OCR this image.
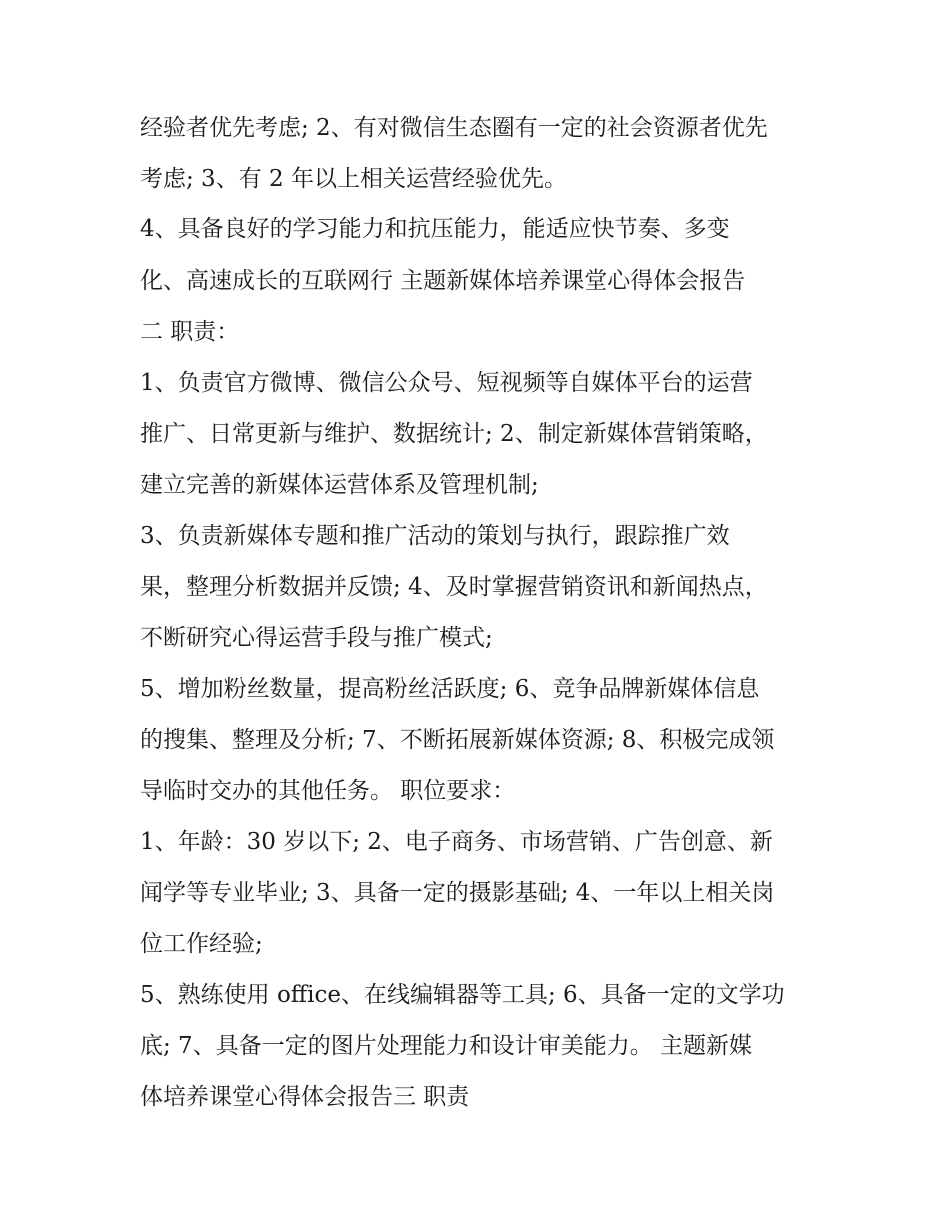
经验者优先考虑; 2、有对微信生态圈有一定的社会资源者优先
考虑; 3、有 2 年以上相关运营经验优先。
4、具备良好的学习能力和抗压能力，能适应快节奏、多变
化、高速成长的互联网行 主题新媒体培养课堂心得体会报告
二 职责：
1、负责官方微博、微信公众号、短视频等自媒体平台的运营
推广、日常更新与维护、数据统计; 2、制定新媒体营销策略，
建立完善的新媒体运营体系及管理机制;
3、负责新媒体专题和推广活动的策划与执行，跟踪推广效
果，整理分析数据并反馈; 4、及时掌握营销资讯和新闻热点，
不断研究心得运营手段与推广模式;
5、增加粉丝数量，提高粉丝活跃度; 6、竞争品牌新媒体信息
的搜集、整理及分析; 7、不断拓展新媒体资源; 8、积极完成领
导临时交办的其他任务。 职位要求：
1、年龄：30 岁以下; 2、电子商务、市场营销、广告创意、新
闻学等专业毕业; 3、具备一定的摄影基础; 4、一年以上相关岗
位工作经验;
5、熟练使用 office、在线编辑器等工具; 6、具备一定的文学功
底; 7、具备一定的图片处理能力和设计审美能力。 主题新媒
体培养课堂心得体会报告三 职责
